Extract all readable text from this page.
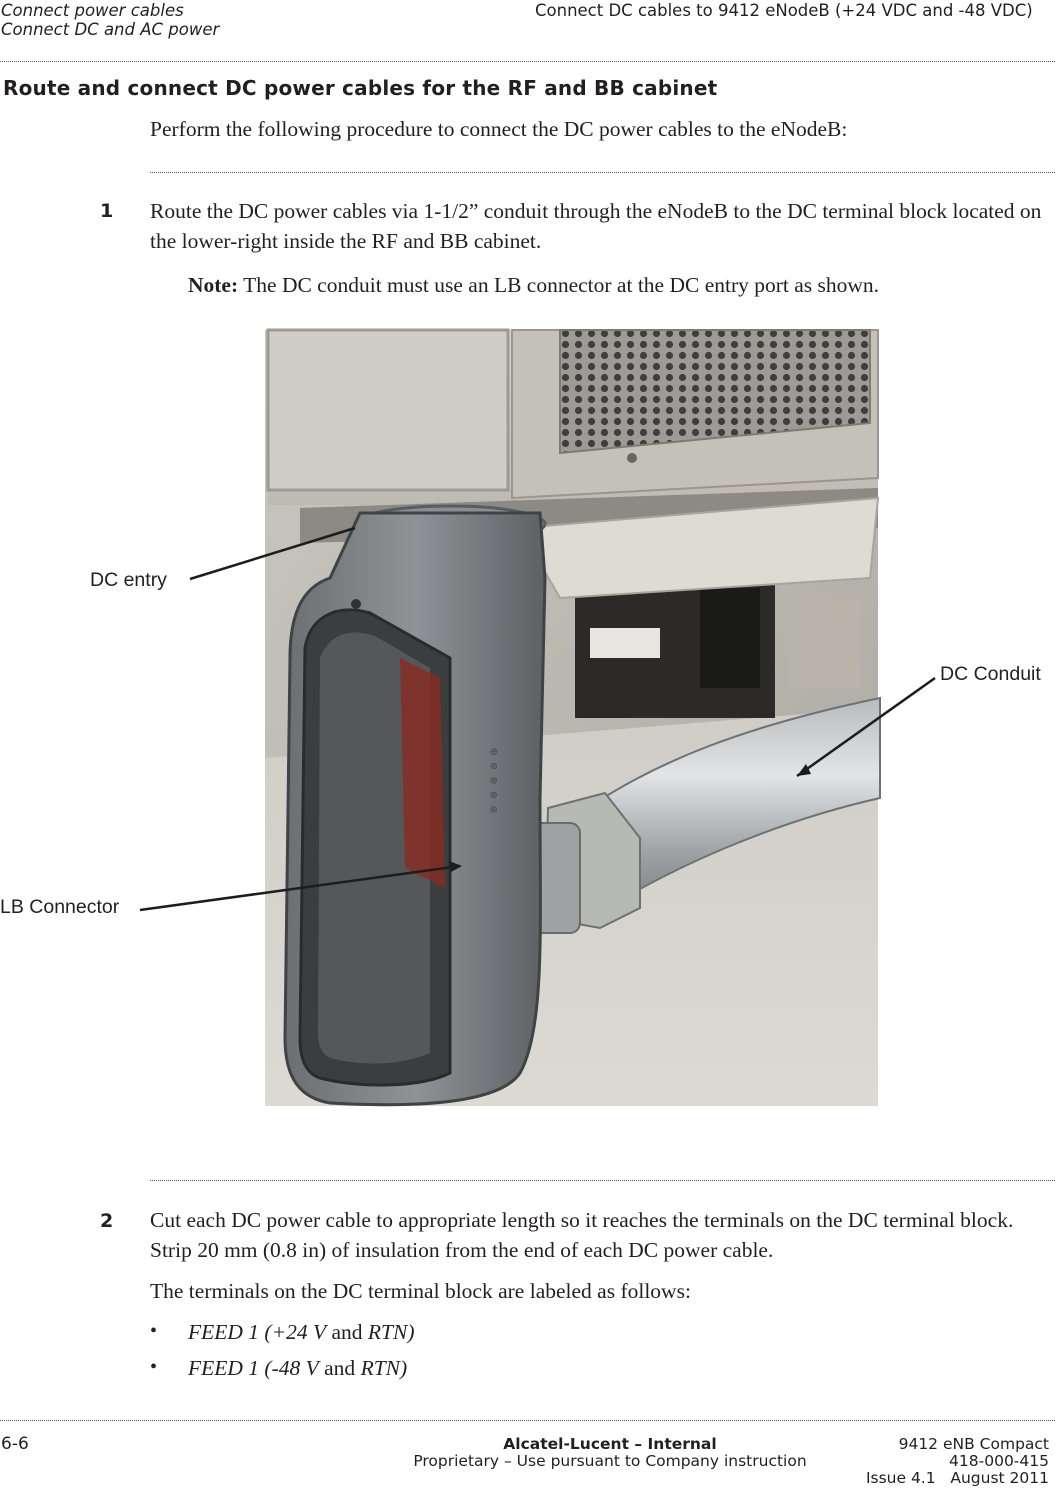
Connect power cables
Connect DC and AC power
Connect DC cables to 9412 eNodeB (+24 VDC and -48 VDC)
Route and connect DC power cables for the RF and BB cabinet
Perform the following procedure to connect the DC power cables to the eNodeB:
1 Route the DC power cables via 1-1/2” conduit through the eNodeB to the DC terminal block located on the lower-right inside the RF and BB cabinet.
Note: The DC conduit must use an LB connector at the DC entry port as shown.
⊕ ⊕ ⊕ ⊕ ⊕
DC entry
DC Conduit
LB Connector
2 Cut each DC power cable to appropriate length so it reaches the terminals on the DC terminal block. Strip 20 mm (0.8 in) of insulation from the end of each DC power cable.
The terminals on the DC terminal block are labeled as follows:
• FEED 1 (+24 V and RTN)
• FEED 1 (-48 V and RTN)
6-6	Alcatel-Lucent – Internal
Proprietary – Use pursuant to Company instruction
9412 eNB Compact
418-000-415
Issue 4.1   August 2011
